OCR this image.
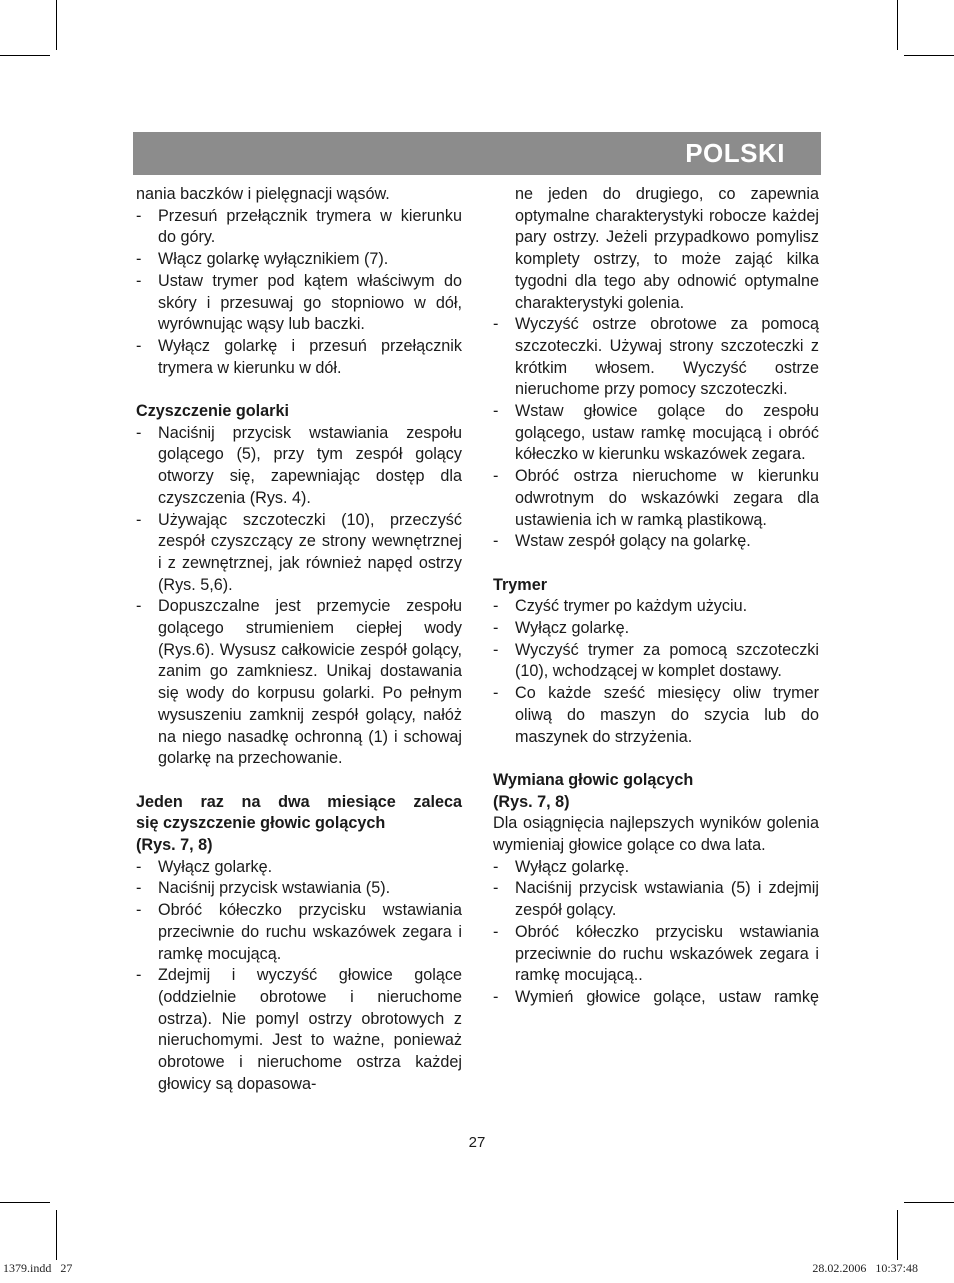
POLSKI

nania baczków i pielęgnacji wąsów.

- Przesuń przełącznik trymera w kierunku do góry.

- Włącz golarkę wyłącznikiem (7).

- Ustaw trymer pod kątem właściwym do skóry i przesuwaj go stopniowo w dół, wyrównując wąsy lub baczki.

- Wyłącz golarkę i przesuń przełącznik trymera w kierunku w dół.

Czyszczenie golarki

- Naciśnij przycisk wstawiania zespołu golącego (5), przy tym zespół golący otworzy się, zapewniając dostęp dla czyszczenia (Rys. 4).

- Używając szczoteczki (10), przeczyść zespół czyszczący ze strony wewnętrznej i z zewnętrznej, jak również napęd ostrzy (Rys. 5,6).

- Dopuszczalne jest przemycie zespołu golącego strumieniem ciepłej wody (Rys.6). Wysusz całkowicie zespół golący, zanim go zamkniesz. Unikaj dostawania się wody do korpusu golarki. Po pełnym wysuszeniu zamknij zespół golący, nałóż na niego nasadkę ochronną (1) i schowaj golarkę na przechowanie.

Jeden raz na dwa miesiące zaleca

się czyszczenie głowic golących

(Rys. 7, 8)

- Wyłącz golarkę.

- Naciśnij przycisk wstawiania (5).

- Obróć kółeczko przycisku wstawiania przeciwnie do ruchu wskazówek zegara i ramkę mocującą.

- Zdejmij i wyczyść głowice golące (oddzielnie obrotowe i nieruchome ostrza). Nie pomyl ostrzy obrotowych z nieruchomymi. Jest to ważne, ponieważ obrotowe i nieruchome ostrza każdej głowicy są dopasowa-

ne jeden do drugiego, co zapewnia optymalne charakterystyki robocze każdej pary ostrzy. Jeżeli przypadkowo pomylisz komplety ostrzy, to może zająć kilka tygodni dla tego aby odnowić optymalne charakterystyki golenia.

- Wyczyść ostrze obrotowe za pomocą szczoteczki. Używaj strony szczoteczki z krótkim włosem. Wyczyść ostrze nieruchome przy pomocy szczoteczki.

- Wstaw głowice golące do zespołu golącego, ustaw ramkę mocującą i obróć kółeczko w kierunku wskazówek zegara.

- Obróć ostrza nieruchome w kierunku odwrotnym do wskazówki zegara dla ustawienia ich w ramką plastikową.

- Wstaw zespół golący na golarkę.

Trymer

- Czyść trymer po każdym użyciu.

- Wyłącz golarkę.

- Wyczyść trymer za pomocą szczoteczki (10), wchodzącej w komplet dostawy.

- Co każde sześć miesięcy oliw trymer oliwą do maszyn do szycia lub do maszynek do strzyżenia.

Wymiana głowic golących

(Rys. 7, 8)

Dla osiągnięcia najlepszych wyników golenia wymieniaj głowice golące co dwa lata.

- Wyłącz golarkę.

- Naciśnij przycisk wstawiania (5) i zdejmij zespół golący.

- Obróć kółeczko przycisku wstawiania przeciwnie do ruchu wskazówek zegara i ramkę mocującą..

- Wymień głowice golące, ustaw ramkę

27
1379.indd   27	28.02.2006   10:37:48
